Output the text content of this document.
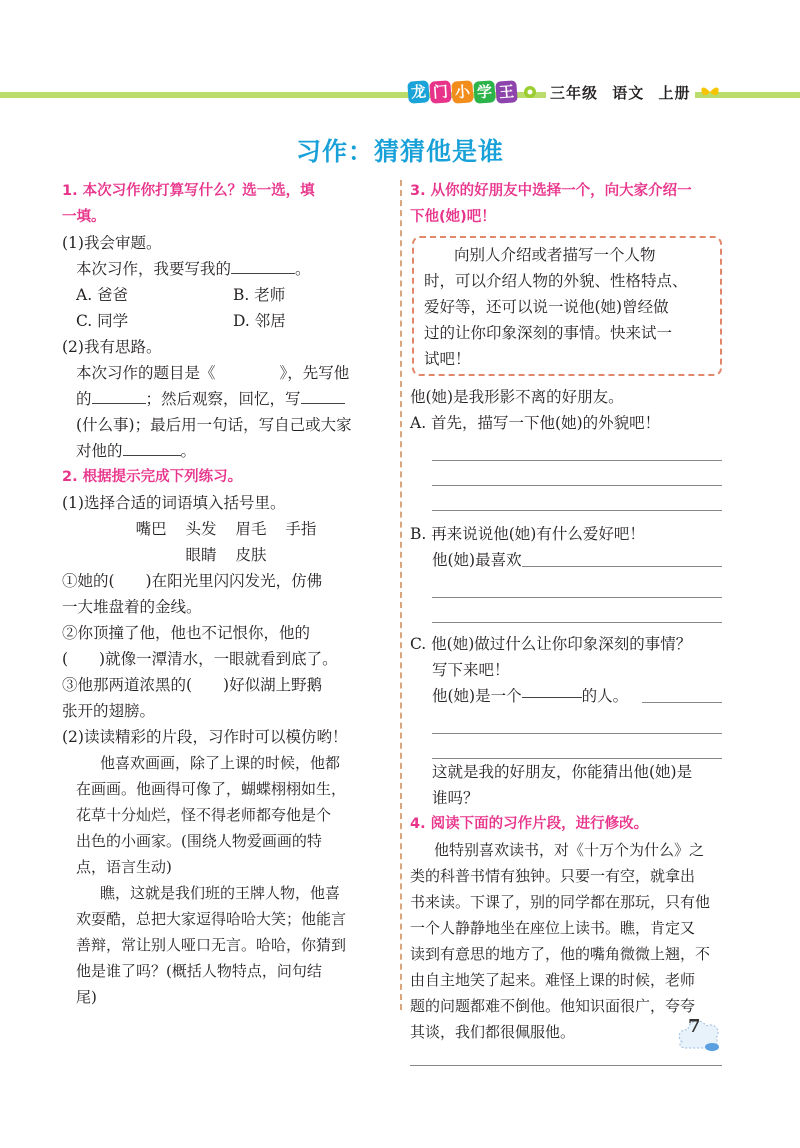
龙 门 小 学 王 三年级 语文 上册
习作：猜猜他是谁
1. 本次习作你打算写什么？选一选，填
一填。
(1)我会审题。
本次习作，我要写我的	。
A. 爸爸	B. 老师
C. 同学	D. 邻居
(2)我有思路。
本次习作的题目是《	》，先写他
的	；然后观察，回忆，写
(什么事)；最后用一句话，写自己或大家
对他的	。
2. 根据提示完成下列练习。
(1)选择合适的词语填入括号里。
嘴巴 头发 眉毛 手指
眼睛 皮肤
①她的(　　)在阳光里闪闪发光，仿佛
一大堆盘着的金线。
②你顶撞了他，他也不记恨你，他的
(　　)就像一潭清水，一眼就看到底了。
③他那两道浓黑的(　　)好似湖上野鹅
张开的翅膀。
(2)读读精彩的片段，习作时可以模仿哟！
他喜欢画画，除了上课的时候，他都
在画画。他画得可像了，蝴蝶栩栩如生，
花草十分灿烂，怪不得老师都夸他是个
出色的小画家。(围绕人物爱画画的特
点，语言生动)
瞧，这就是我们班的王牌人物，他喜
欢耍酷，总把大家逗得哈哈大笑；他能言
善辩，常让别人哑口无言。哈哈，你猜到
他是谁了吗？(概括人物特点，问句结
尾)
3. 从你的好朋友中选择一个，向大家介绍一
下他(她)吧！
向别人介绍或者描写一个人物
时，可以介绍人物的外貌、性格特点、
爱好等，还可以说一说他(她)曾经做
过的让你印象深刻的事情。快来试一
试吧！
他(她)是我形影不离的好朋友。
A. 首先，描写一下他(她)的外貌吧！
B. 再来说说他(她)有什么爱好吧！
他(她)最喜欢
C. 他(她)做过什么让你印象深刻的事情？
写下来吧！
他(她)是一个	的人。
这就是我的好朋友，你能猜出他(她)是
谁吗？
4. 阅读下面的习作片段，进行修改。
他特别喜欢读书，对《十万个为什么》之
类的科普书情有独钟。只要一有空，就拿出
书来读。下课了，别的同学都在那玩，只有他
一个人静静地坐在座位上读书。瞧，肯定又
读到有意思的地方了，他的嘴角微微上翘，不
由自主地笑了起来。难怪上课的时候，老师
题的问题都难不倒他。他知识面很广，夸夸
其谈，我们都很佩服他。	7
